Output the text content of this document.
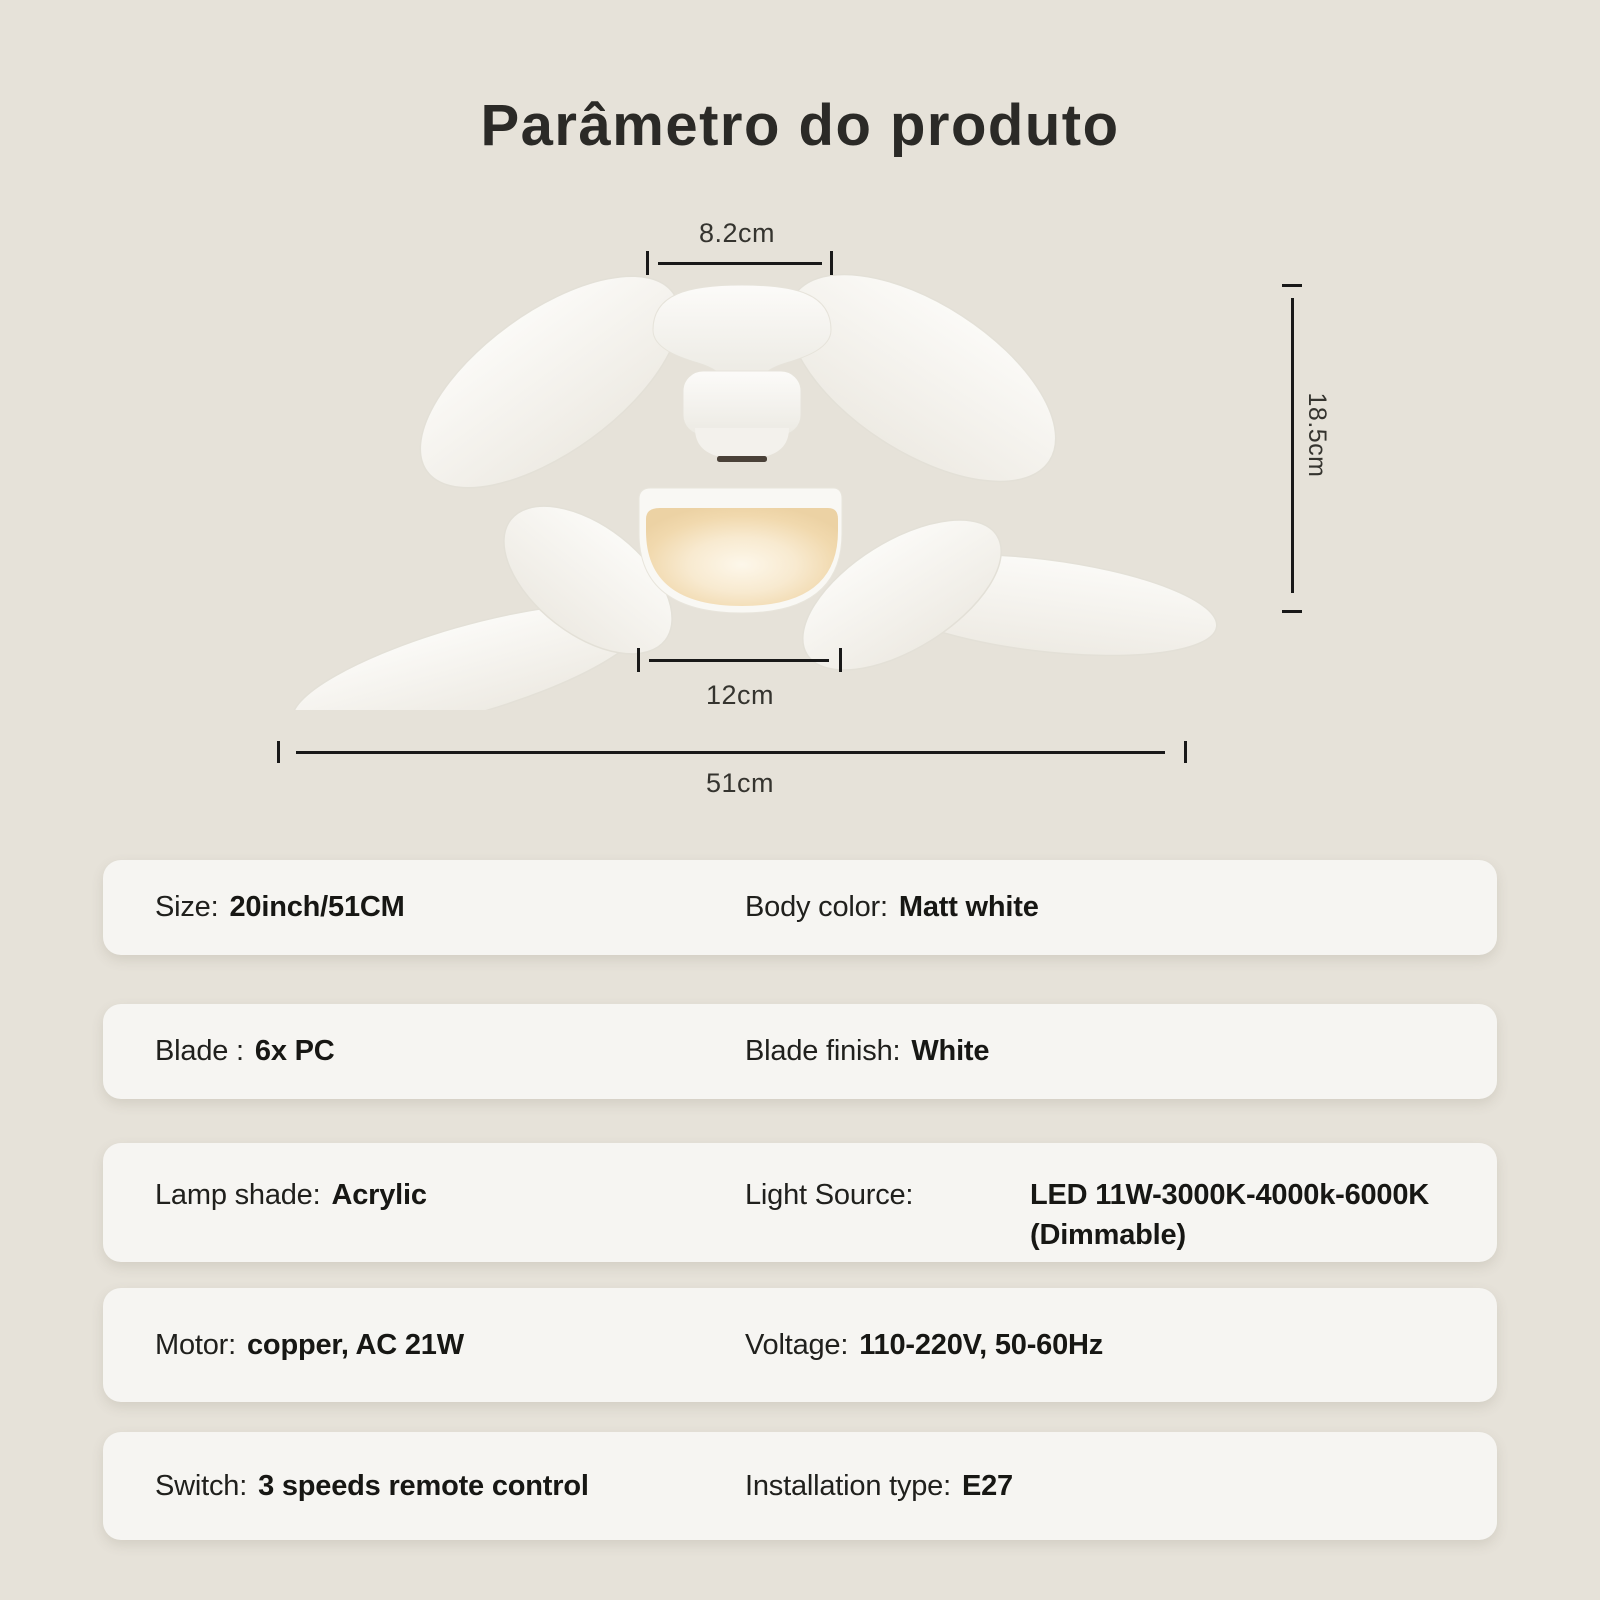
Parâmetro do produto
8.2cm
18.5cm
12cm
51cm
Size: 20inch/51CM	Body color: Matt white
Blade : 6x PC	Blade finish: White
Lamp shade: Acrylic	Light Source:	LED 11W-3000K-4000k-6000K
(Dimmable)
Motor: copper, AC 21W	Voltage: 110-220V, 50-60Hz
Switch: 3 speeds remote control	Installation type: E27
